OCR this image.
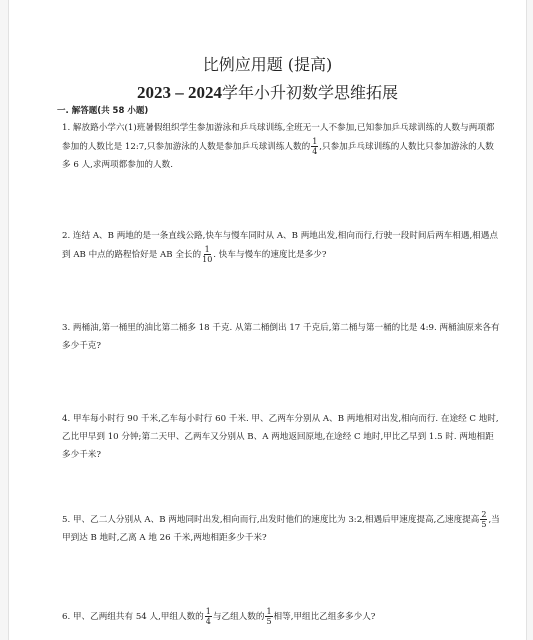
比例应用题 (提高)
2023 – 2024学年小升初数学思维拓展
一. 解答题(共 58 小题)
1. 解放路小学六(1)班暑假组织学生参加游泳和乒乓球训练,全班无一人不参加,已知参加乒乓球训练的人数与两项都参加的人数比是 12:7,只参加游泳的人数是参加乒乓球训练人数的 $\frac{1}{4}$ ,只参加乒乓球训练的人数比只参加游泳的人数多 6 人,求两项都参加的人数.
2. 连结 A、B 两地的是一条直线公路,快车与慢车同时从 A、B 两地出发,相向而行,行驶一段时间后两车相遇,相遇点到 AB 中点的路程恰好是 AB 全长的 $\frac{1}{10}$ . 快车与慢车的速度比是多少?
3. 两桶油,第一桶里的油比第二桶多 18 千克. 从第二桶倒出 17 千克后,第二桶与第一桶的比是 4:9. 两桶油原来各有多少千克?
4. 甲车每小时行 90 千米,乙车每小时行 60 千米. 甲、乙两车分别从 A、B 两地相对出发,相向而行. 在途经 C 地时,乙比甲早到 10 分钟;第二天甲、乙两车又分别从 B、A 两地返回原地,在途经 C 地时,甲比乙早到 1.5 时. 两地相距多少千米?
5. 甲、乙二人分别从 A、B 两地同时出发,相向而行,出发时他们的速度比为 3:2,相遇后甲速度提高,乙速度提高 $\frac{2}{5}$ ,当甲到达 B 地时,乙离 A 地 26 千米,两地相距多少千米?
6. 甲、乙两组共有 54 人,甲组人数的 $\frac{1}{4}$ 与乙组人数的 $\frac{1}{5}$ 相等,甲组比乙组多多少人?
